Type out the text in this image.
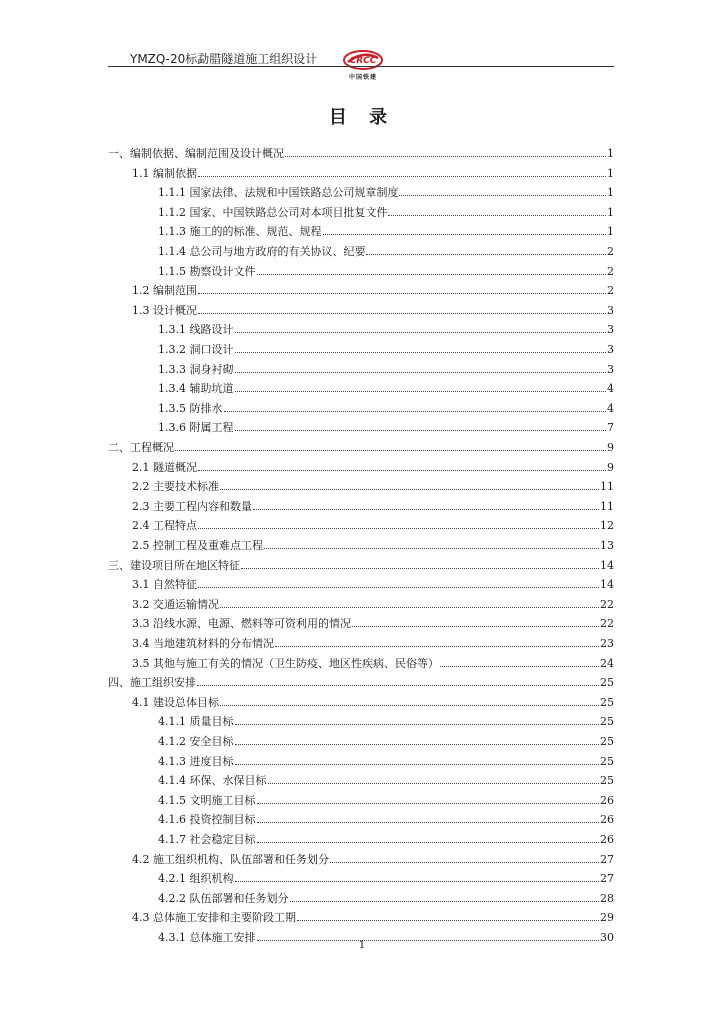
YMZQ-20标勐腊隧道施工组织设计	CRCC
中国铁建
目 录
一、编制依据、编制范围及设计概况	1
1.1 编制依据	1
1.1.1 国家法律、法规和中国铁路总公司规章制度	1
1.1.2 国家、中国铁路总公司对本项目批复文件	1
1.1.3 施工的的标准、规范、规程	1
1.1.4 总公司与地方政府的有关协议、纪要	2
1.1.5 勘察设计文件	2
1.2 编制范围	2
1.3 设计概况	3
1.3.1 线路设计	3
1.3.2 洞口设计	3
1.3.3 洞身衬砌	3
1.3.4 辅助坑道	4
1.3.5 防排水	4
1.3.6 附属工程	7
二、工程概况	9
2.1 隧道概况	9
2.2 主要技术标准	11
2.3 主要工程内容和数量	11
2.4 工程特点	12
2.5 控制工程及重难点工程	13
三、建设项目所在地区特征	14
3.1 自然特征	14
3.2 交通运输情况	22
3.3 沿线水源、电源、燃料等可资利用的情况	22
3.4 当地建筑材料的分布情况	23
3.5 其他与施工有关的情况（卫生防疫、地区性疾病、民俗等）	24
四、施工组织安排	25
4.1 建设总体目标	25
4.1.1 质量目标	25
4.1.2 安全目标	25
4.1.3 进度目标	25
4.1.4 环保、水保目标	25
4.1.5 文明施工目标	26
4.1.6 投资控制目标	26
4.1.7 社会稳定目标	26
4.2 施工组织机构、队伍部署和任务划分	27
4.2.1 组织机构	27
4.2.2 队伍部署和任务划分	28
4.3 总体施工安排和主要阶段工期	29
4.3.1 总体施工安排	30
1
